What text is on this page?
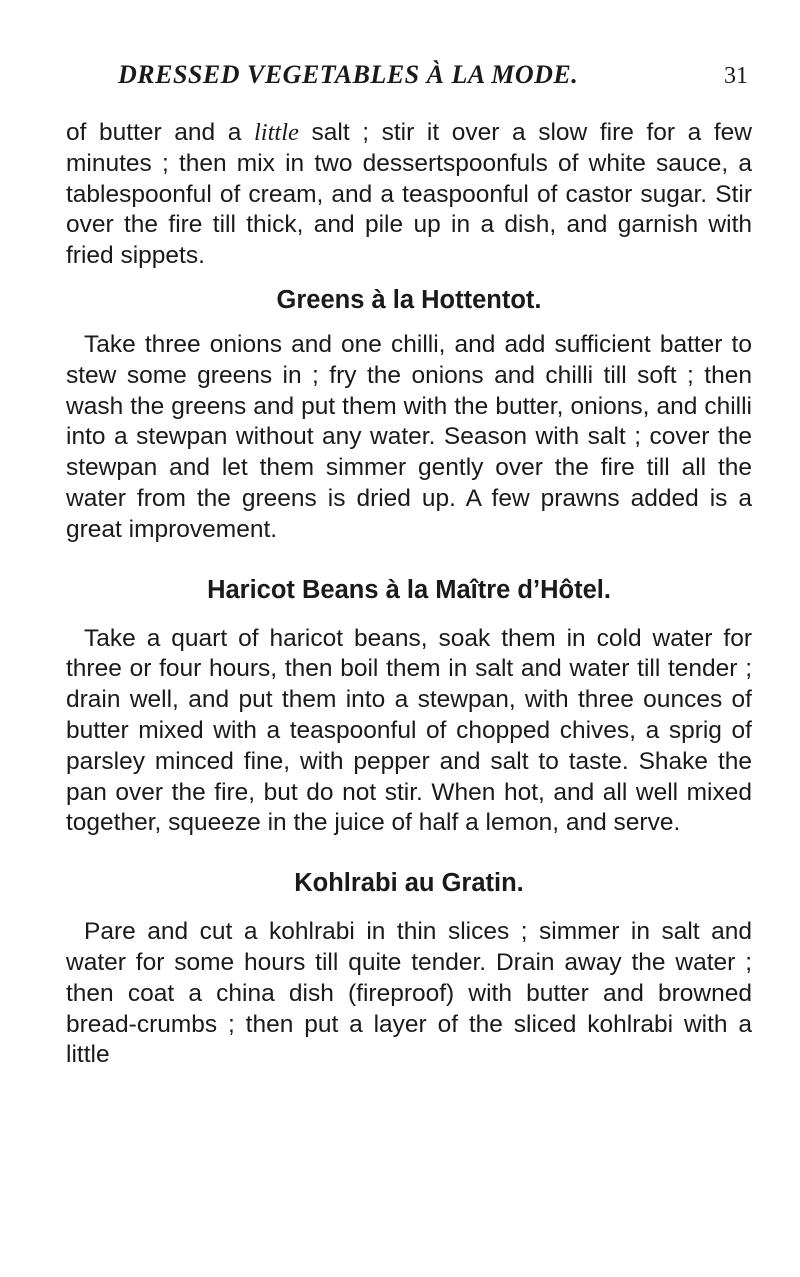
DRESSED VEGETABLES À LA MODE.	31

of butter and a little salt ; stir it over a slow fire for a few minutes ; then mix in two dessertspoonfuls of white sauce, a tablespoonful of cream, and a teaspoonful of castor sugar. Stir over the fire till thick, and pile up in a dish, and garnish with fried sippets.

Greens à la Hottentot.

Take three onions and one chilli, and add sufficient batter to stew some greens in ; fry the onions and chilli till soft ; then wash the greens and put them with the butter, onions, and chilli into a stewpan without any water. Season with salt ; cover the stewpan and let them simmer gently over the fire till all the water from the greens is dried up. A few prawns added is a great improvement.

Haricot Beans à la Maître d’Hôtel.

Take a quart of haricot beans, soak them in cold water for three or four hours, then boil them in salt and water till tender ; drain well, and put them into a stewpan, with three ounces of butter mixed with a teaspoonful of chopped chives, a sprig of parsley minced fine, with pepper and salt to taste. Shake the pan over the fire, but do not stir. When hot, and all well mixed together, squeeze in the juice of half a lemon, and serve.

Kohlrabi au Gratin.

Pare and cut a kohlrabi in thin slices ; simmer in salt and water for some hours till quite tender. Drain away the water ; then coat a china dish (fireproof) with butter and browned bread-crumbs ; then put a layer of the sliced kohlrabi with a little
